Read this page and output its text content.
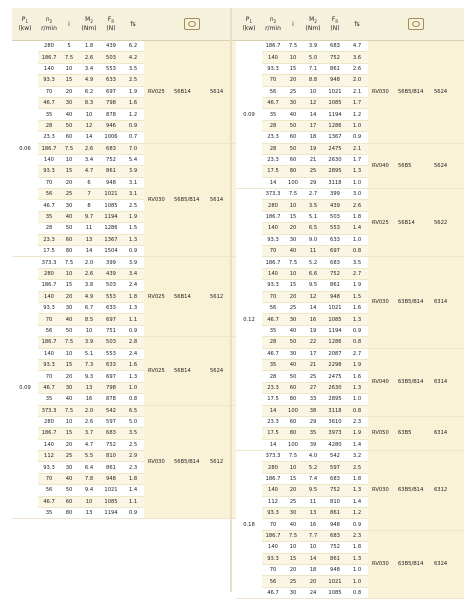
$P_1$
(kw)	$n_2$
r/min	i	$M_2$
(Nm)	$F_R$
(N)	fs	
0.06	280	5	1.8	439	6.2	RV025 56B14 5614
	186.7	7.5	2.6	503	4.2	
	140	10	3.4	553	3.5	
	93.3	15	4.9	633	2.5	
	70	20	6.2	697	1.9	
	46.7	30	8.3	798	1.6	
	35	40	10	878	1.2	
	28	50	12	946	0.9	
	23.3	60	14	1006	0.7	
	186.7	7.5	2.6	683	7.0	RV030 56B5/B14 5614
	140	10	3.4	752	5.4	
	93.3	15	4.7	861	3.9	
	70	20	6	948	3.1	
	56	25	7	1021	3.1	
	46.7	30	8	1085	2.5	
	35	40	9.7	1194	1.9	
	28	50	11	1286	1.5	
	23.3	60	13	1367	1.3	
	17.5	80	14	1504	0.9	
0.09	373.3	7.5	2.0	399	3.9	RV025 56B14 5612
	280	10	2.6	439	3.4	
	186.7	15	3.8	503	2.4	
	140	20	4.9	553	1.8	
	93.3	30	6.7	633	1.3	
	70	40	8.5	697	1.1	
	56	50	10	751	0.9	
	186.7	7.5	3.9	503	2.8	RV025 56B14 5624
	140	10	5.1	553	2.4	
	93.3	15	7.3	633	1.6	
	70	20	9.3	697	1.3	
	46.7	30	13	798	1.0	
	35	40	16	878	0.8	
	373.3	7.5	2.0	542	6.5	RV030 56B5/B14 5612
	280	10	2.6	597	5.0	
	186.7	15	3.7	683	3.5	
	140	20	4.7	752	2.5	
	112	25	5.5	810	2.9	
	93.3	30	6.4	861	2.3	
	70	40	7.8	948	1.8	
	56	50	9.4	1021	1.4	
	46.7	60	10	1085	1.1	
	35	80	13	1194	0.9	
$P_1$
(kw)	$n_2$
r/min	i	$M_2$
(Nm)	$F_R$
(N)	fs	
0.09	186.7	7.5	3.9	683	4.7	RV030 56B5/B14 5624
	140	10	5.0	752	3.6	
	93.3	15	7.1	861	2.6	
	70	20	8.8	948	2.0	
	56	25	10	1021	2.1	
	46.7	30	12	1085	1.7	
	35	40	14	1194	1.2	
	28	50	17	1286	1.0	
	23.3	60	18	1367	0.9	
	28	50	19	2475	2.1	RV040 56B5 5624
	23.3	60	21	2630	1.7	
	17.5	80	25	2895	1.3	
	14	100	29	3118	1.0	
0.12	373.3	7.5	2.7	399	3.0	RV025 56B14 5622
	280	10	3.5	439	2.6	
	186.7	15	5.1	503	1.8	
	140	20	6.5	553	1.4	
	93.3	30	9.0	633	1.0	
	70	40	11	697	0.8	
	186.7	7.5	5.2	683	3.5	RV030 63B5/B14 6314
	140	10	6.6	752	2.7	
	93.3	15	9.5	861	1.9	
	70	20	12	948	1.5	
	56	25	14	1021	1.6	
	46.7	30	16	1085	1.3	
	35	40	19	1194	0.9	
	28	50	22	1286	0.8	
	46.7	30	17	2087	2.7	RV040 63B5/B14 6314
	35	40	21	2298	1.9	
	28	50	25	2475	1.6	
	23.3	60	27	2630	1.3	
	17.5	80	33	2895	1.0	
	14	100	38	3118	0.8	
	23.3	60	29	3610	2.3	RV050 63B5 6314
	17.5	80	35	3973	1.9	
	14	100	39	4280	1.4	
0.18	373.3	7.5	4.0	542	3.2	RV030 63B5/B14 6312
	280	10	5.2	597	2.5	
	186.7	15	7.4	683	1.8	
	140	20	9.5	752	1.3	
	112	25	11	810	1.4	
	93.3	30	13	861	1.2	
	70	40	16	948	0.9	
	186.7	7.5	7.7	683	2.3	RV030 63B5/B14 6324
	140	10	10	752	1.8	
	93.3	15	14	861	1.3	
	70	20	18	948	1.0	
	56	25	20	1021	1.0	
	46.7	30	24	1085	0.8	
